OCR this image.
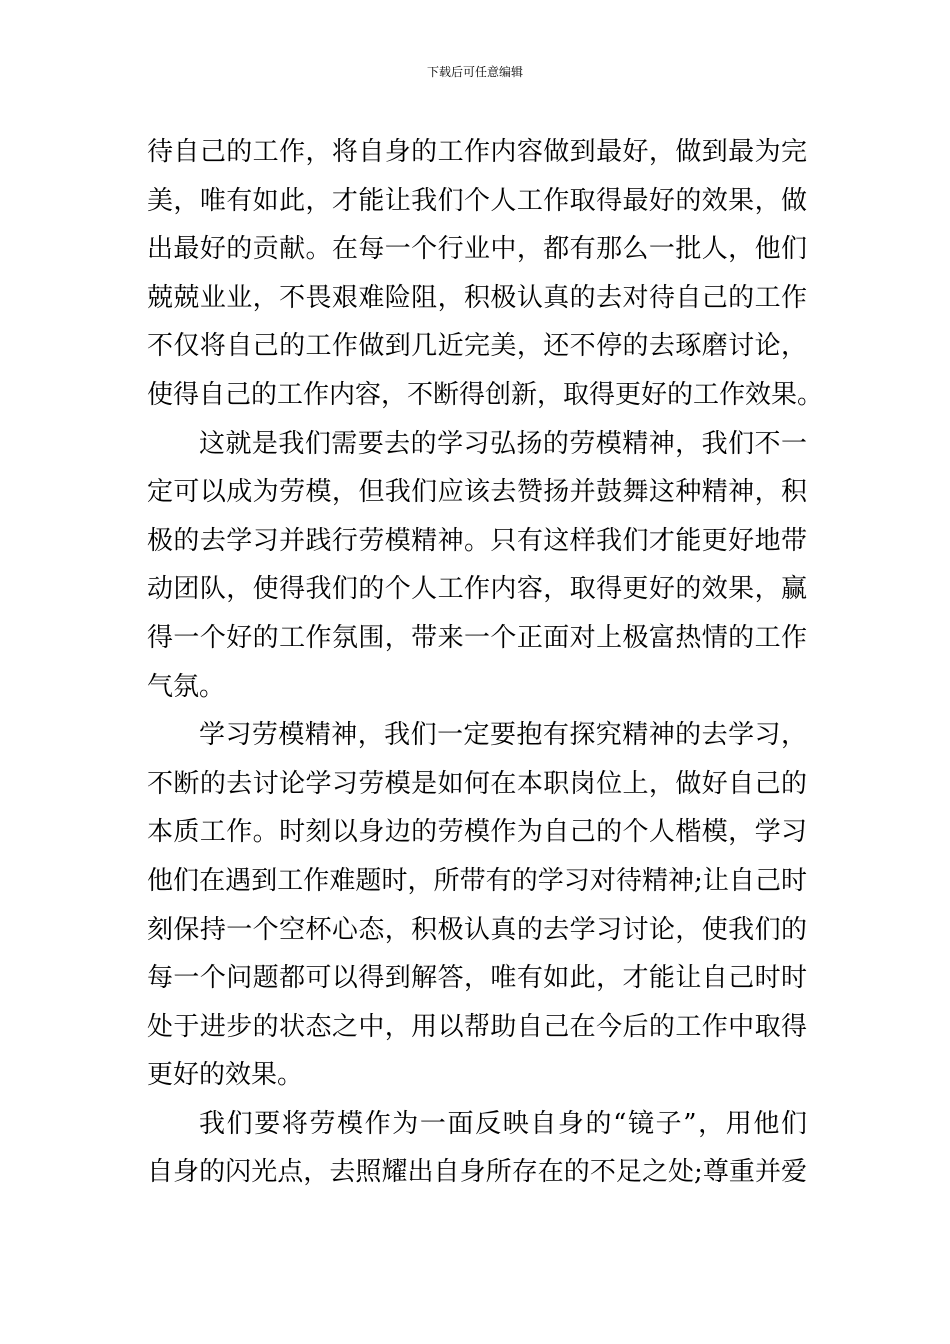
下载后可任意编辑
待自己的工作，将自身的工作内容做到最好，做到最为完
美，唯有如此，才能让我们个人工作取得最好的效果，做
出最好的贡献。在每一个行业中，都有那么一批人，他们
兢兢业业，不畏艰难险阻，积极认真的去对待自己的工作
不仅将自己的工作做到几近完美，还不停的去琢磨讨论，
使得自己的工作内容，不断得创新，取得更好的工作效果。
这就是我们需要去的学习弘扬的劳模精神，我们不一
定可以成为劳模，但我们应该去赞扬并鼓舞这种精神，积
极的去学习并践行劳模精神。只有这样我们才能更好地带
动团队，使得我们的个人工作内容，取得更好的效果，赢
得一个好的工作氛围，带来一个正面对上极富热情的工作
气氛。
学习劳模精神，我们一定要抱有探究精神的去学习，
不断的去讨论学习劳模是如何在本职岗位上，做好自己的
本质工作。时刻以身边的劳模作为自己的个人楷模，学习
他们在遇到工作难题时，所带有的学习对待精神;让自己时
刻保持一个空杯心态，积极认真的去学习讨论，使我们的
每一个问题都可以得到解答，唯有如此，才能让自己时时
处于进步的状态之中，用以帮助自己在今后的工作中取得
更好的效果。
我们要将劳模作为一面反映自身的“镜子”，用他们
自身的闪光点，去照耀出自身所存在的不足之处;尊重并爱
